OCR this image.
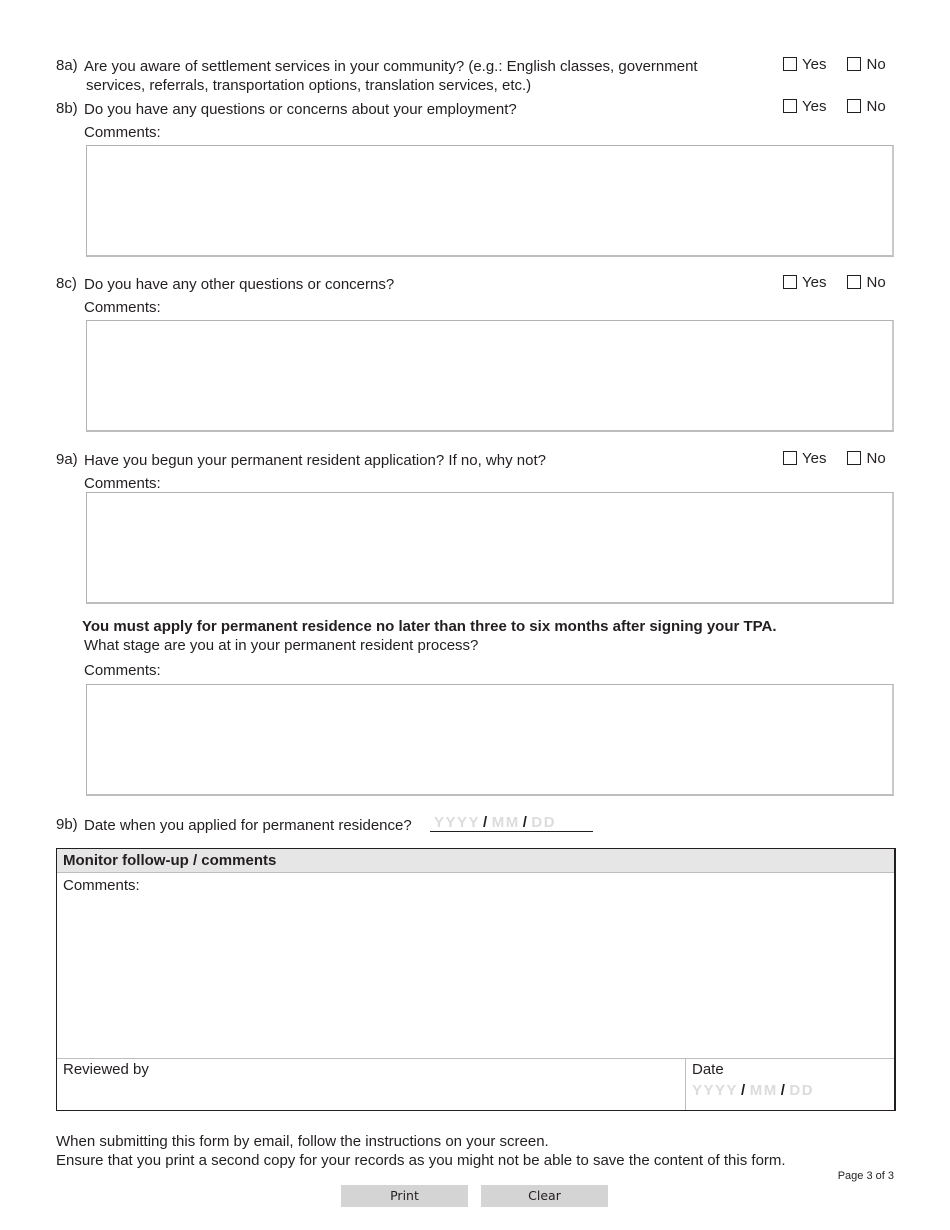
8a) Are you aware of settlement services in your community? (e.g.: English classes, government
services, referrals, transportation options, translation services, etc.)
Yes	No
8b) Do you have any questions or concerns about your employment?	Yes	No
Comments:
8c) Do you have any other questions or concerns?	Yes	No
Comments:
9a) Have you begun your permanent resident application? If no, why not?	Yes	No
Comments:
You must apply for permanent residence no later than three to six months after signing your TPA.
What stage are you at in your permanent resident process?
Comments:
9b) Date when you applied for permanent residence? YYYY / MM / DD
Monitor follow-up / comments
Comments:
Reviewed by	Date
YYYY / MM / DD
When submitting this form by email, follow the instructions on your screen.
Ensure that you print a second copy for your records as you might not be able to save the content of this form.
Page 3 of 3
Print	Clear
